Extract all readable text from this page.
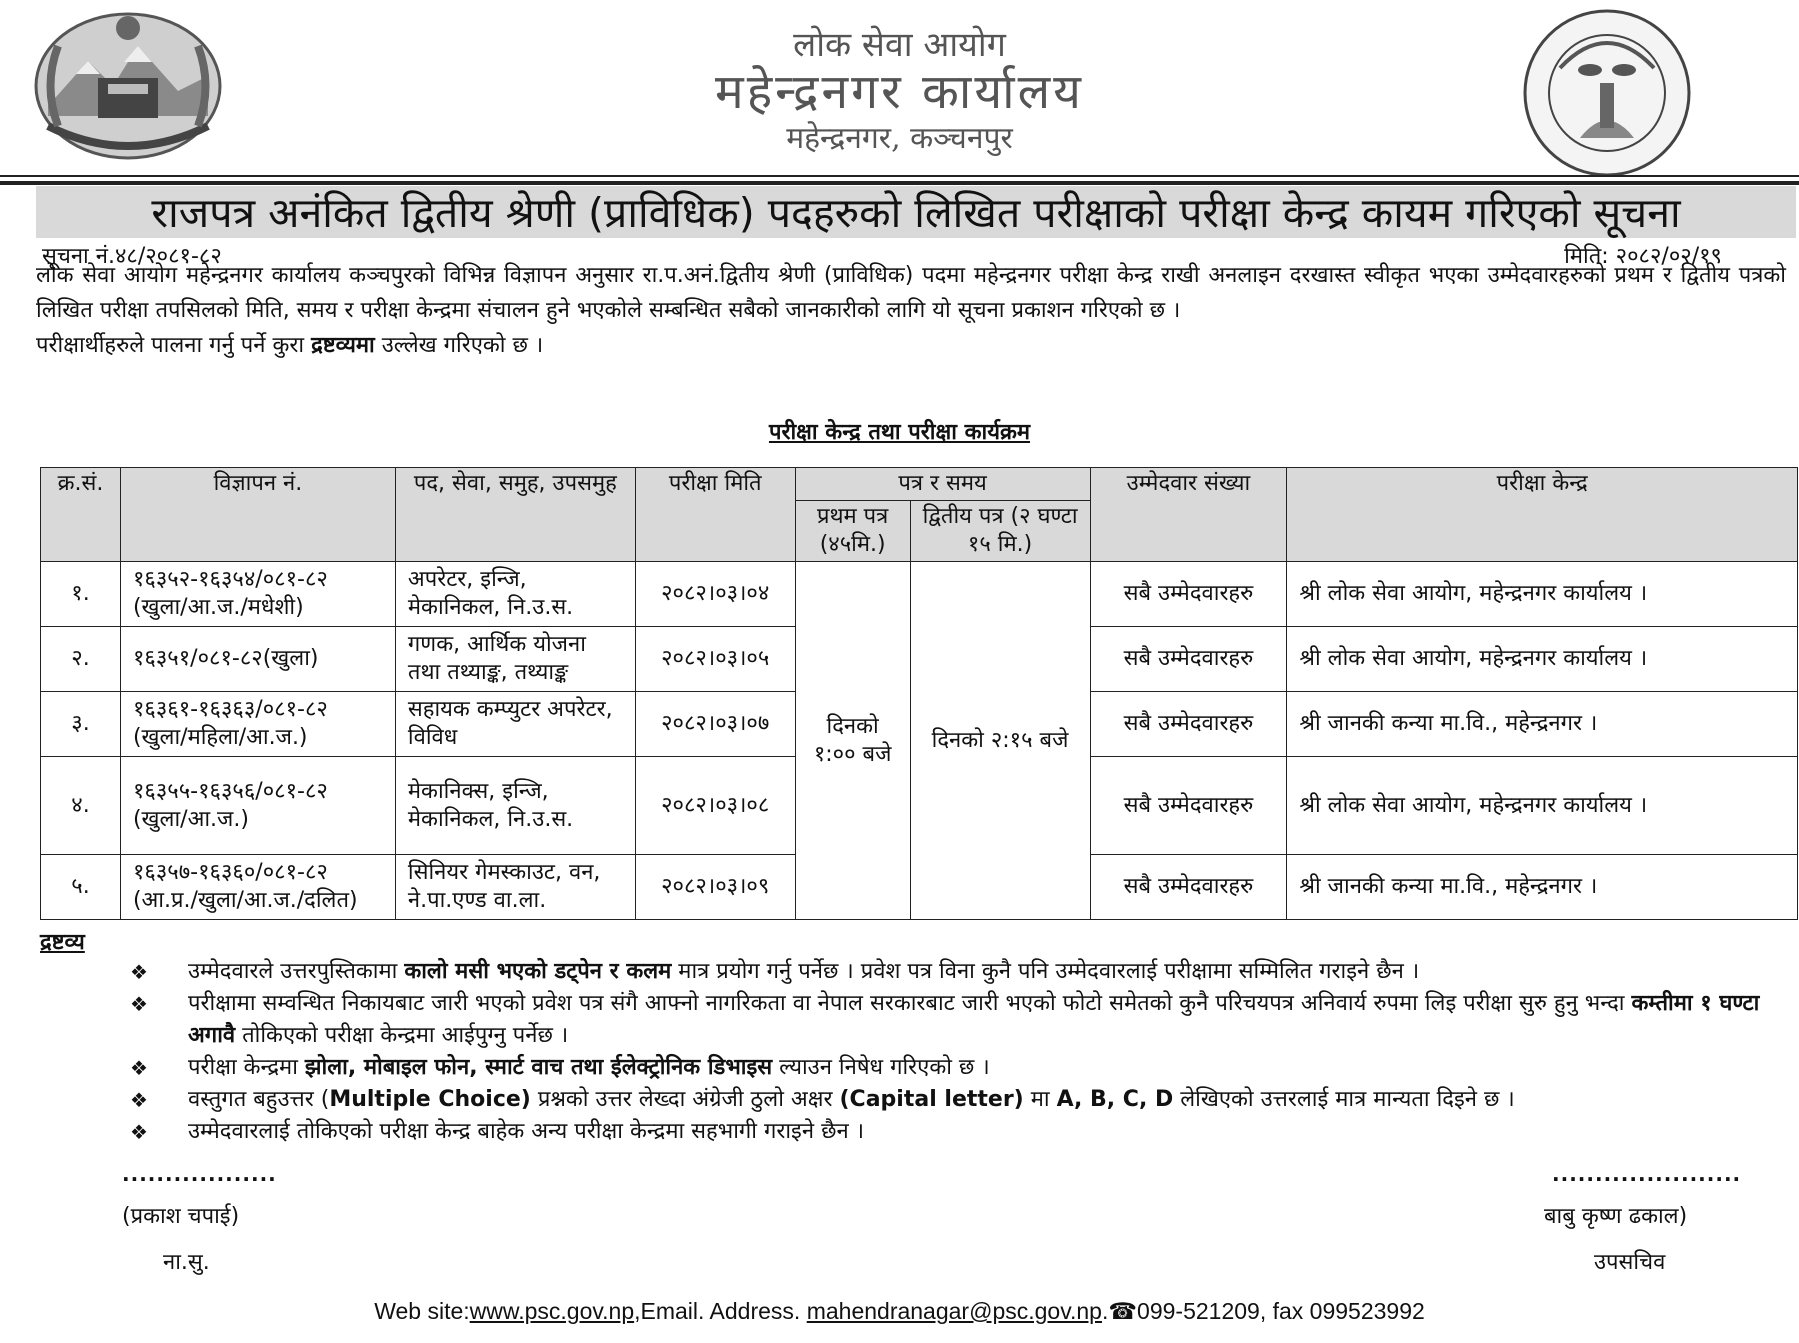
लोक सेवा आयोग
महेन्द्रनगर कार्यालय
महेन्द्रनगर, कञ्चनपुर
राजपत्र अनंकित द्वितीय श्रेणी (प्राविधिक) पदहरुको लिखित परीक्षाको परीक्षा केन्द्र कायम गरिएको सूचना
सूचना नं.४८/२०८१-८२	मिति: २०८२/०२/१९

लोक सेवा आयोग महेन्द्रनगर कार्यालय कञ्चपुरको विभिन्न विज्ञापन अनुसार रा.प.अनं.द्वितीय श्रेणी (प्राविधिक) पदमा महेन्द्रनगर परीक्षा केन्द्र राखी अनलाइन दरखास्त स्वीकृत भएका उम्मेदवारहरुको प्रथम र द्वितीय पत्रको लिखित परीक्षा तपसिलको मिति, समय र परीक्षा केन्द्रमा संचालन हुने भएकोले सम्बन्धित सबैको जानकारीको लागि यो सूचना प्रकाशन गरिएको छ ।

परीक्षार्थीहरुले पालना गर्नु पर्ने कुरा द्रष्टव्यमा उल्लेख गरिएको छ ।

परीक्षा केन्द्र तथा परीक्षा कार्यक्रम
क्र.सं.	विज्ञापन नं.	पद, सेवा, समुह, उपसमुह	परीक्षा मिति	पत्र र समय		उम्मेदवार संख्या	परीक्षा केन्द्र
				प्रथम पत्र (४५मि.)	द्वितीय पत्र (२ घण्टा १५ मि.)		
१.	१६३५२-१६३५४/०८१-८२ (खुला/आ.ज./मधेशी)	अपरेटर, इन्जि, मेकानिकल, नि.उ.स.	२०८२।०३।०४	दिनको १:०० बजे	दिनको २:१५ बजे	सबै उम्मेदवारहरु	श्री लोक सेवा आयोग, महेन्द्रनगर कार्यालय ।
२.	१६३५१/०८१-८२(खुला)	गणक, आर्थिक योजना तथा तथ्याङ्क, तथ्याङ्क	२०८२।०३।०५			सबै उम्मेदवारहरु	श्री लोक सेवा आयोग, महेन्द्रनगर कार्यालय ।
३.	१६३६१-१६३६३/०८१-८२ (खुला/महिला/आ.ज.)	सहायक कम्प्युटर अपरेटर, विविध	२०८२।०३।०७			सबै उम्मेदवारहरु	श्री जानकी कन्या मा.वि., महेन्द्रनगर ।
४.	१६३५५-१६३५६/०८१-८२ (खुला/आ.ज.)	मेकानिक्स, इन्जि, मेकानिकल, नि.उ.स.	२०८२।०३।०८			सबै उम्मेदवारहरु	श्री लोक सेवा आयोग, महेन्द्रनगर कार्यालय ।
५.	१६३५७-१६३६०/०८१-८२ (आ.प्र./खुला/आ.ज./दलित)	सिनियर गेमस्काउट, वन, ने.पा.एण्ड वा.ला.	२०८२।०३।०९			सबै उम्मेदवारहरु	श्री जानकी कन्या मा.वि., महेन्द्रनगर ।
द्रष्टव्य
❖	उम्मेदवारले उत्तरपुस्तिकामा कालो मसी भएको डट्पेन र कलम मात्र प्रयोग गर्नु पर्नेछ । प्रवेश पत्र विना कुनै पनि उम्मेदवारलाई परीक्षामा सम्मिलित गराइने छैन ।
❖	परीक्षामा सम्वन्धित निकायबाट जारी भएको प्रवेश पत्र संगै आफ्नो नागरिकता वा नेपाल सरकारबाट जारी भएको फोटो समेतको कुनै परिचयपत्र अनिवार्य रुपमा लिइ परीक्षा सुरु हुनु भन्दा कम्तीमा १ घण्टा अगावै तोकिएको परीक्षा केन्द्रमा आईपुग्नु पर्नेछ ।
❖	परीक्षा केन्द्रमा झोला, मोबाइल फोन, स्मार्ट वाच तथा ईलेक्ट्रोनिक डिभाइस ल्याउन निषेध गरिएको छ ।
❖	वस्तुगत बहुउत्तर (Multiple Choice) प्रश्नको उत्तर लेख्दा अंग्रेजी ठुलो अक्षर (Capital letter) मा A, B, C, D लेखिएको उत्तरलाई मात्र मान्यता दिइने छ ।
❖	उम्मेदवारलाई तोकिएको परीक्षा केन्द्र बाहेक अन्य परीक्षा केन्द्रमा सहभागी गराइने छैन ।
..................
(प्रकाश चपाई)
ना.सु.
......................
बाबु कृष्ण ढकाल)
उपसचिव
Web site:www.psc.gov.np,Email. Address. mahendranagar@psc.gov.np.☎099-521209, fax 099523992
